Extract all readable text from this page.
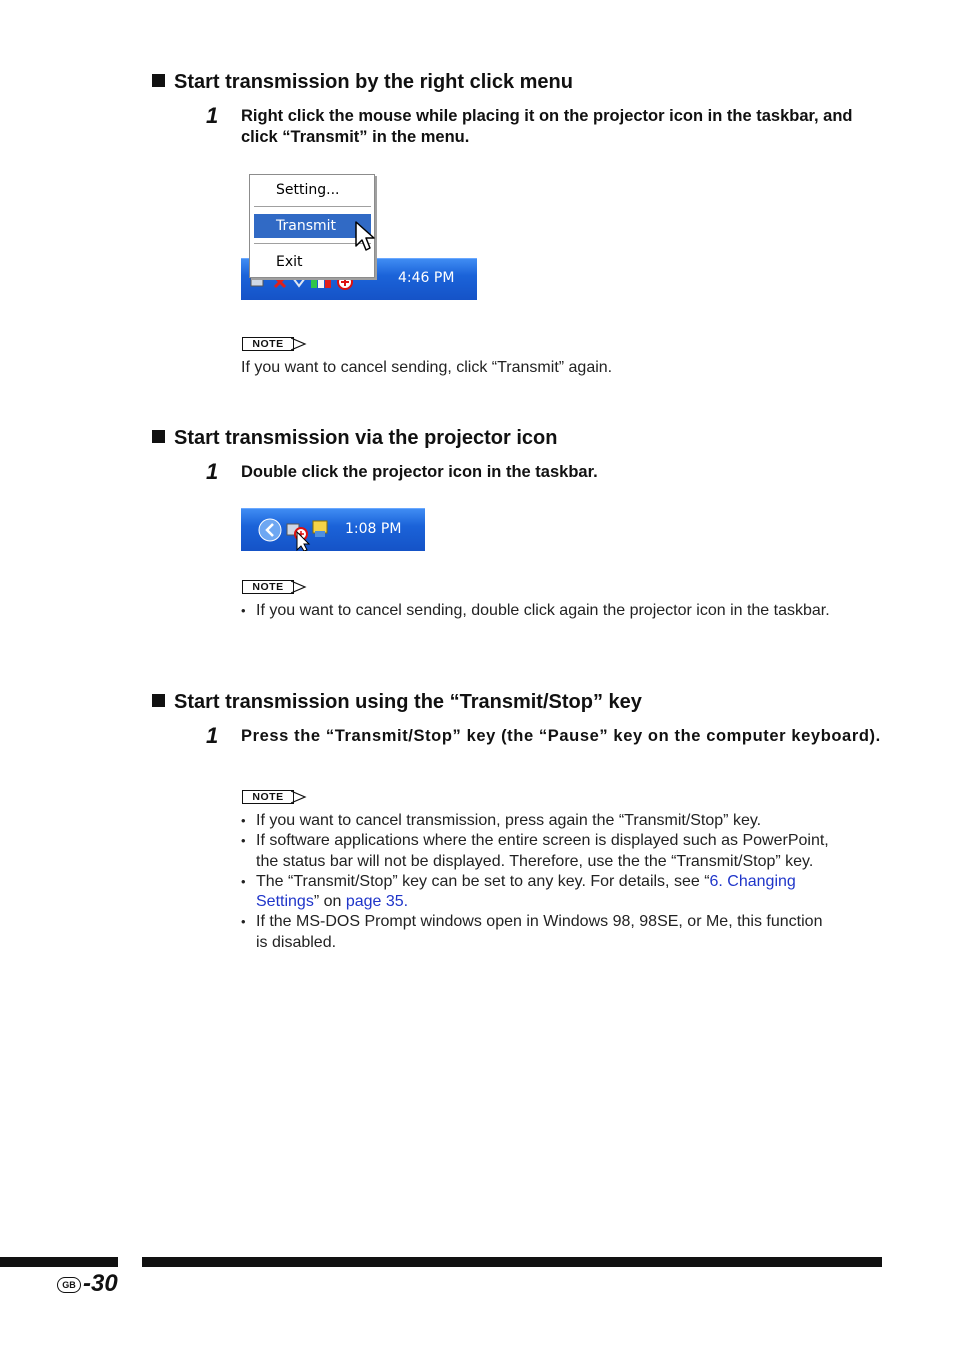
Start transmission by the right click menu
1 Right click the mouse while placing it on the projector icon in the taskbar, and click “Transmit” in the menu.
4:46 PM
Setting...
Transmit
Exit
NOTE
If you want to cancel sending, click “Transmit” again.
Start transmission via the projector icon
1 Double click the projector icon in the taskbar.
1:08 PM
NOTE
• If you want to cancel sending, double click again the projector icon in the taskbar.
Start transmission using the “Transmit/Stop” key
1 Press the “Transmit/Stop” key (the “Pause” key on the computer keyboard).
NOTE
• If you want to cancel transmission, press again the “Transmit/Stop” key.
• If software applications where the entire screen is displayed such as PowerPoint, the status bar will not be displayed. Therefore, use the the “Transmit/Stop” key.
• The “Transmit/Stop” key can be set to any key. For details, see “6. Changing Settings” on page 35.
• If the MS-DOS Prompt windows open in Windows 98, 98SE, or Me, this function is disabled.
GB -30
